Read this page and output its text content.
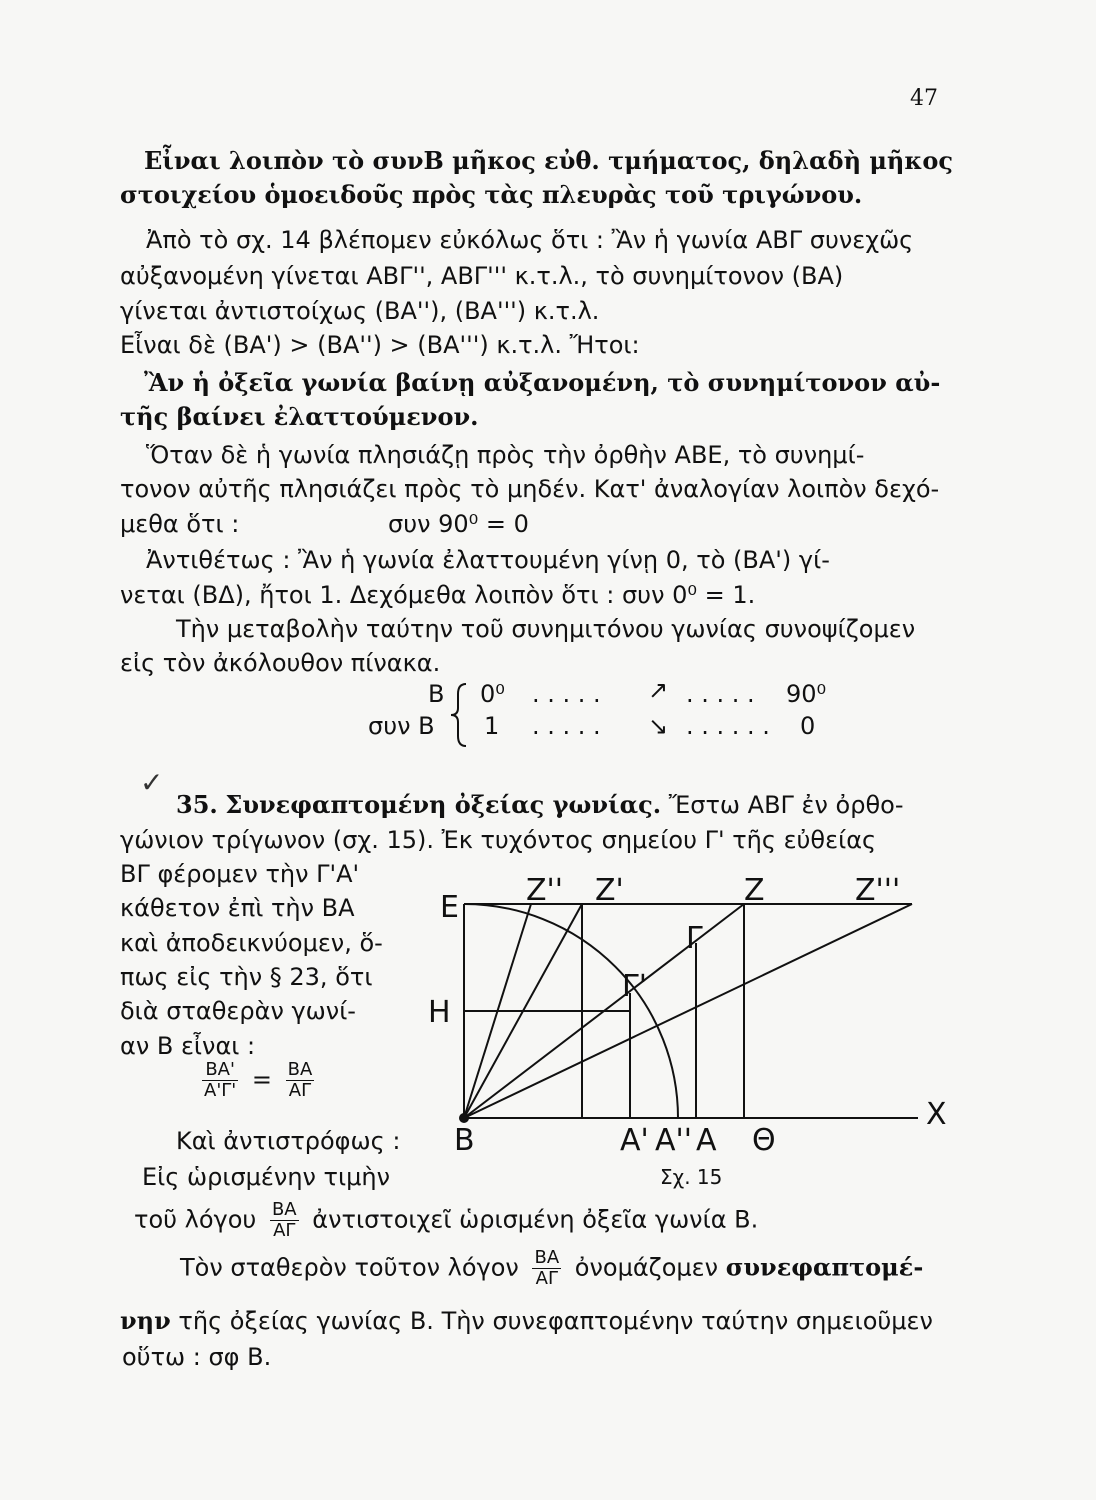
47
Εἶναι λοιπὸν τὸ συνB μῆκος εὐθ. τμήματος, δηλαδὴ μῆκος
στοιχείου ὁμοειδοῦς πρὸς τὰς πλευρὰς τοῦ τριγώνου.
Ἀπὸ τὸ σχ. 14 βλέπομεν εὐκόλως ὅτι : Ἂν ἡ γωνία ΑΒΓ συνεχῶς
αὐξανομένη γίνεται ΑΒΓ'', ΑΒΓ''' κ.τ.λ., τὸ συνημίτονον (ΒΑ)
γίνεται ἀντιστοίχως (ΒΑ''), (ΒΑ''') κ.τ.λ.
Εἶναι δὲ (ΒΑ') > (ΒΑ'') > (ΒΑ''') κ.τ.λ. Ἤτοι:
Ἂν ἡ ὀξεῖα γωνία βαίνῃ αὐξανομένη, τὸ συνημίτονον αὐ-
τῆς βαίνει ἐλαττούμενον.
Ὅταν δὲ ἡ γωνία πλησιάζῃ πρὸς τὴν ὀρθὴν ΑΒΕ, τὸ συνημί-
τονον αὐτῆς πλησιάζει πρὸς τὸ μηδέν. Κατ' ἀναλογίαν λοιπὸν δεχό-
μεθα ὅτι :	συν 90⁰ = 0
Ἀντιθέτως : Ἂν ἡ γωνία ἐλαττουμένη γίνῃ 0, τὸ (ΒΑ') γί-
νεται (ΒΔ), ἤτοι 1. Δεχόμεθα λοιπὸν ὅτι : συν 0⁰ = 1.
Τὴν μεταβολὴν ταύτην τοῦ συνημιτόνου γωνίας συνοψίζομεν
εἰς τὸν ἀκόλουθον πίνακα.
B 0⁰ . . . . . ↗ . . . . . 90⁰
συν B 1 . . . . . ↘ . . . . . . 0
✓
35. Συνεφαπτομένη ὀξείας γωνίας. Ἔστω ΑΒΓ ἐν ὀρθο-
γώνιον τρίγωνον (σχ. 15). Ἐκ τυχόντος σημείου Γ' τῆς εὐθείας
ΒΓ φέρομεν τὴν Γ'Α'
κάθετον ἐπὶ τὴν ΒΑ
καὶ ἀποδεικνύομεν, ὅ-
πως εἰς τὴν § 23, ὅτι
διὰ σταθερὰν γωνί-
αν Β εἶναι :
$\frac{BA'}{A'\Gamma'} = \frac{BA}{A\Gamma}$
Καὶ ἀντιστρόφως :
Εἰς ὡρισμένην τιμὴν
τοῦ λόγου $\frac{BA}{A\Gamma}$ ἀντιστοιχεῖ ὡρισμένη ὀξεῖα γωνία Β.
Τὸν σταθερὸν τοῦτον λόγον $\frac{BA}{A\Gamma}$ ὀνομάζομεν συνεφαπτομέ-
νην τῆς ὀξείας γωνίας Β. Τὴν συνεφαπτομένην ταύτην σημειοῦμεν
οὕτω : σφ Β.
E Z'' Z'	Z	Z'''
Γ
Γ'
H
X
B	A' A'' A Θ
Σχ. 15
